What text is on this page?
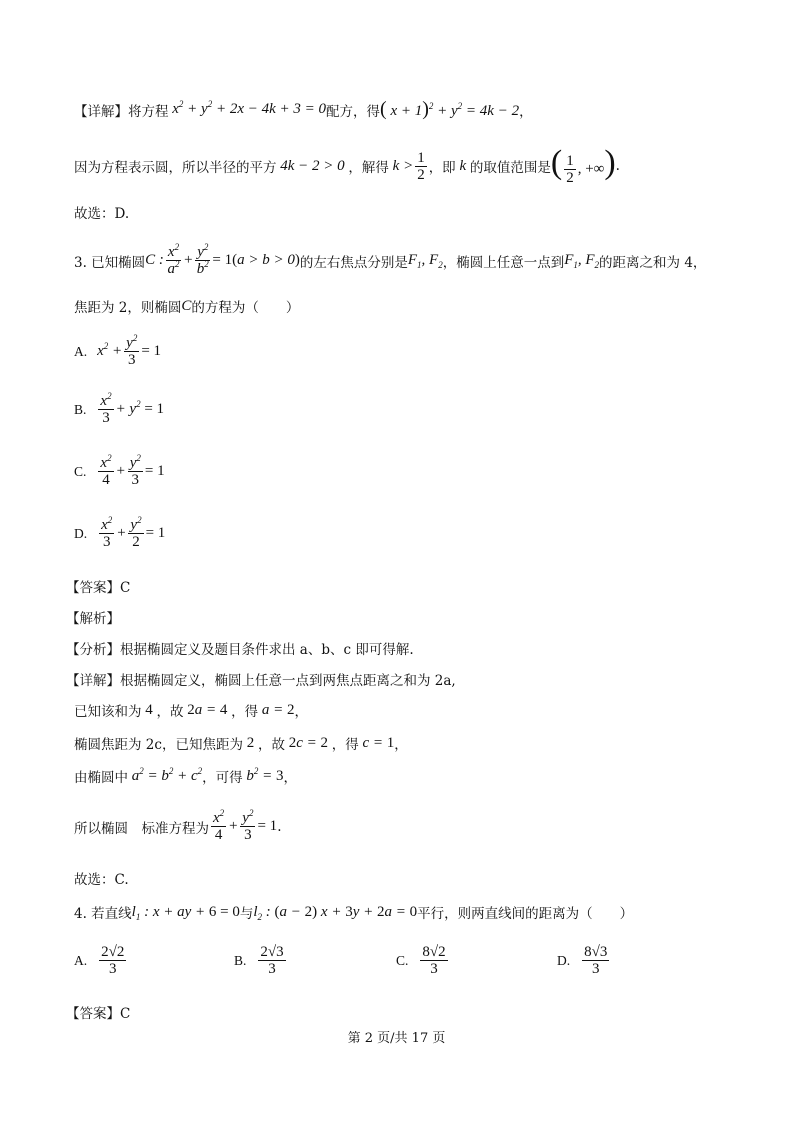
【详解】将方程 $x^2 + y^2 + 2x - 4k + 3 = 0$ 配方，得 ( $x + 1)^2 + y^2 = 4k - 2$ ，
因为方程表示圆，所以半径的平方 4k − 2 > 0 ，解得 $k > \frac{1}{2}$ ，即 k 的取值范围是 ( $\frac{1}{2}$ , +∞) .
故选：D.
3. 已知椭圆 C : $\frac{x^2}{a^2} + \frac{y^2}{b^2} = 1(a > b > 0)$ 的左右焦点分别是 $F_1$, $F_2$ ，椭圆上任意一点到 $F_1$, $F_2$ 的距离之和为 4，
焦距为 2，则椭圆 C 的方程为（　　）
A. $x^2 + \frac{y^2}{3} = 1$
B. $\frac{x^2}{3} + y^2 = 1$
C. $\frac{x^2}{4} + \frac{y^2}{3} = 1$
D. $\frac{x^2}{3} + \frac{y^2}{2} = 1$
【答案】C
【解析】
【分析】根据椭圆定义及题目条件求出 a、b、c 即可得解.
【详解】根据椭圆定义，椭圆上任意一点到两焦点距离之和为 2a,
已知该和为 4 ，故 2a = 4 ，得 a = 2 ，
椭圆焦距为 2c，已知焦距为 2 ，故 2c = 2 ，得 c = 1 ，
由椭圆中 $a^2 = b^2 + c^2$ ，可得 $b^2 = 3$ ，
所以椭圆　标准方程为 $\frac{x^2}{4} + \frac{y^2}{3} = 1$ .
故选：C.
4. 若直线 $l_1$ : x + ay + 6 = 0 与 $l_2$ : (a − 2) x + 3y + 2a = 0 平行，则两直线间的距离为（　　）
A. $\frac{2√2}{3}$	B. $\frac{2√3}{3}$	C. $\frac{8√2}{3}$	D. $\frac{8√3}{3}$
【答案】C
第 2 页/共 17 页
